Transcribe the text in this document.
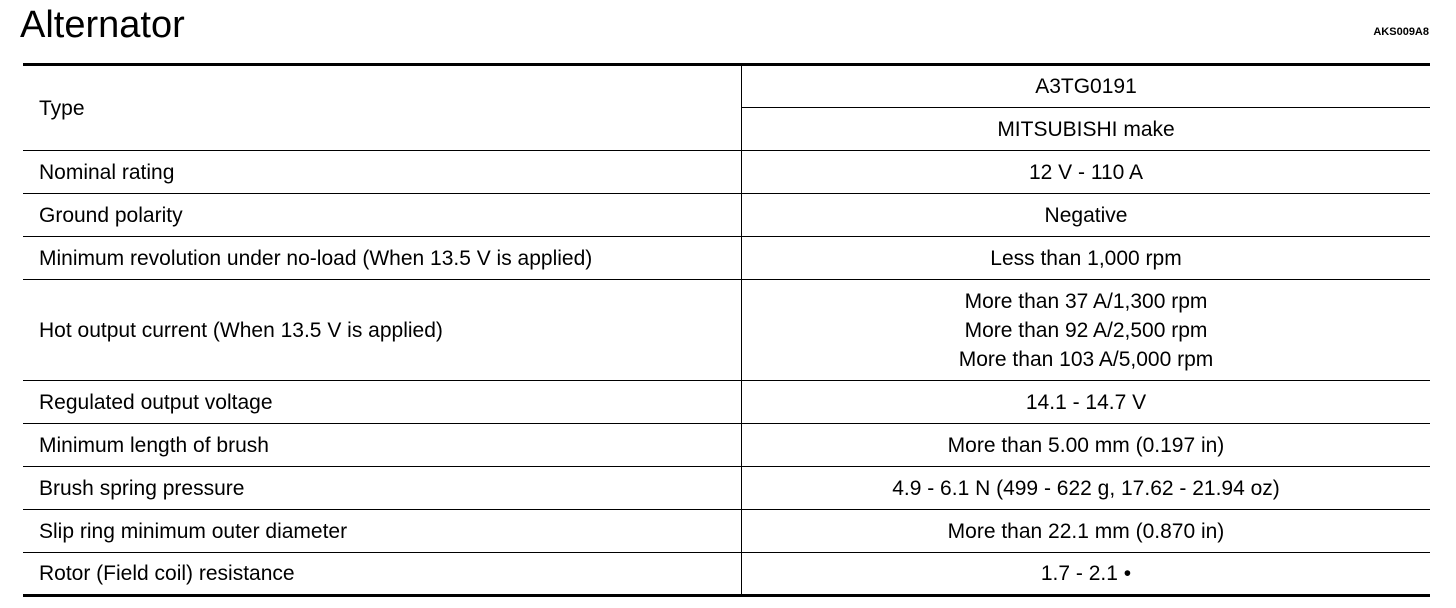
Alternator	AKS009A8
Type	A3TG0191
	MITSUBISHI make
Nominal rating	12 V - 110 A
Ground polarity	Negative
Minimum revolution under no-load (When 13.5 V is applied)	Less than 1,000 rpm
Hot output current (When 13.5 V is applied)	More than 37 A/1,300 rpm
More than 92 A/2,500 rpm
More than 103 A/5,000 rpm

Regulated output voltage	14.1 - 14.7 V
Minimum length of brush	More than 5.00 mm (0.197 in)
Brush spring pressure	4.9 - 6.1 N (499 - 622 g, 17.62 - 21.94 oz)
Slip ring minimum outer diameter	More than 22.1 mm (0.870 in)
Rotor (Field coil) resistance	1.7 - 2.1 •
